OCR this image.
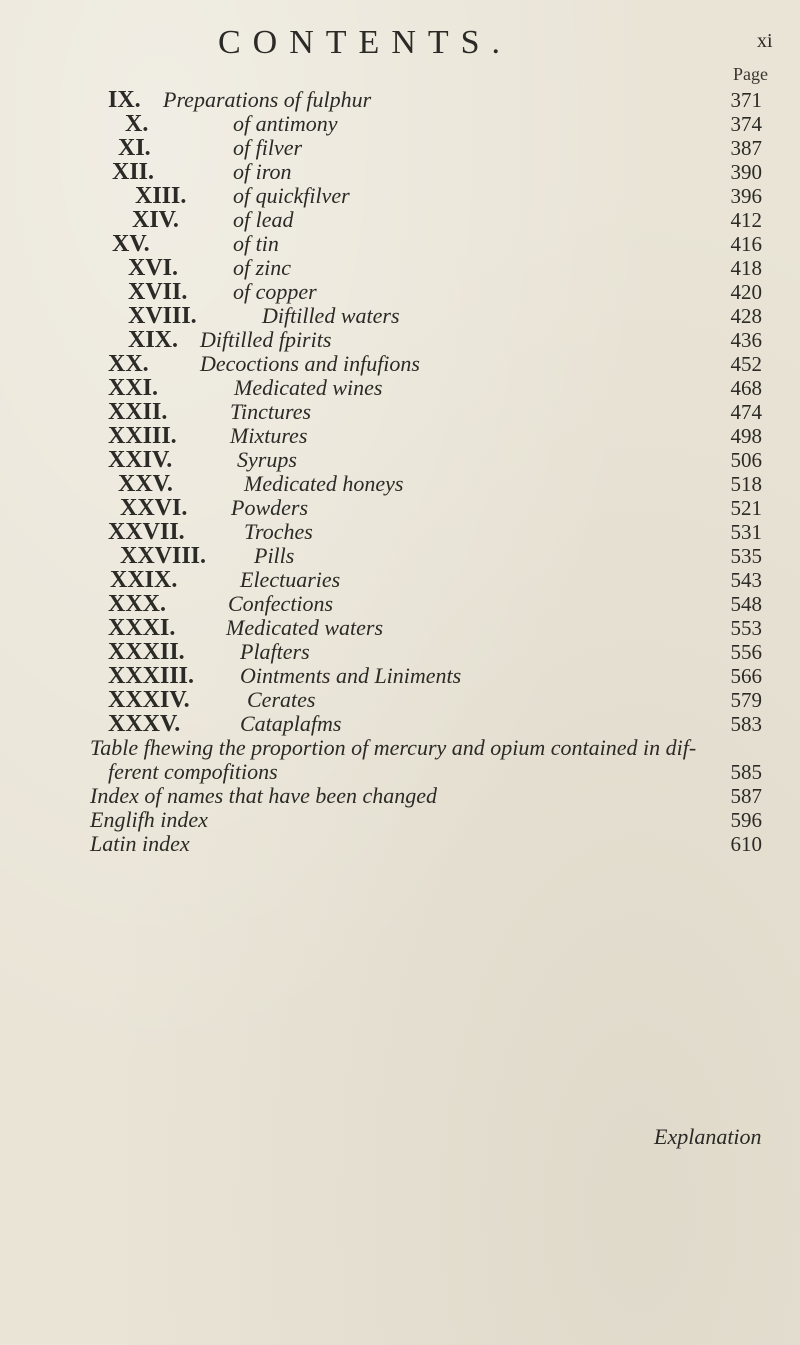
CONTENTS.	xi
Page
IX. Preparations of fulphur	371
X.	of antimony	374
XI.	of filver	387
XII.	of iron	390
XIII. of quickfilver	396
XIV. of lead	412
XV.	of tin	416
XVI. of zinc	418
XVII. of copper	420
XVIII.	Diftilled waters	428
XIX. Diftilled fpirits	436
XX. Decoctions and infufions	452
XXI.	Medicated wines	468
XXII.	Tinctures	474
XXIII. Mixtures	498
XXIV.	Syrups	506
XXV.	Medicated honeys	518
XXVI. Powders	521
XXVII.	Troches	531
XXVIII. Pills	535
XXIX.	Electuaries	543
XXX.	Confections	548
XXXI. Medicated waters	553
XXXII.	Plafters	556
XXXIII. Ointments and Liniments	566
XXXIV.	Cerates	579
XXXV.	Cataplafms	583
Table fhewing the proportion of mercury and opium contained in dif-
ferent compofitions	585
Index of names that have been changed	587
Englifh index	596
Latin index	610
Explanation
